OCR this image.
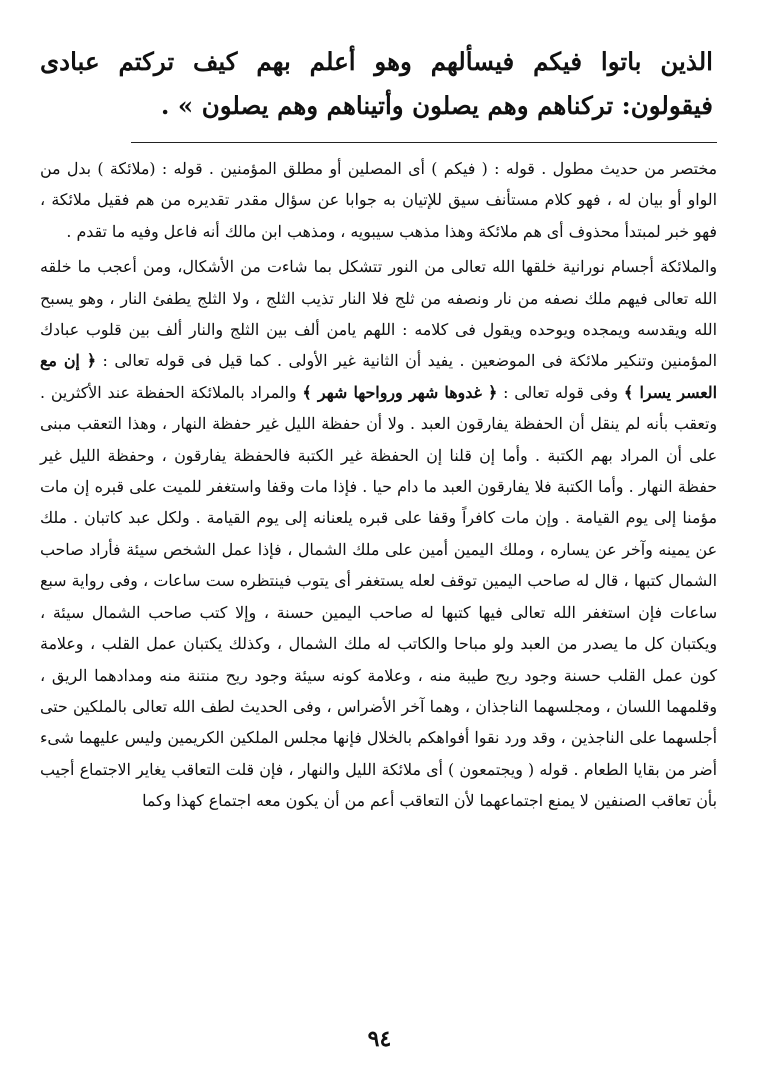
الذين باتوا فيكم فيسألهم وهو أعلم بهم كيف تركتم عبادى فيقولون: تركناهم وهم يصلون وأتيناهم وهم يصلون » .

مختصر من حديث مطول . قوله : ( فيكم ) أى المصلين أو مطلق المؤمنين . قوله : (ملائكة ) بدل من الواو أو بيان له ، فهو كلام مستأنف سيق للإتيان به جوابا عن سؤال مقدر تقديره من هم فقيل ملائكة ، فهو خبر لمبتدأ محذوف أى هم ملائكة وهذا مذهب سيبويه ، ومذهب ابن مالك أنه فاعل وفيه ما تقدم .
والملائكة أجسام نورانية خلقها الله تعالى من النور تتشكل بما شاءت من الأشكال، ومن أعجب ما خلقه الله تعالى فيهم ملك نصفه من نار ونصفه من ثلج فلا النار تذيب الثلج ، ولا الثلج يطفئ النار ، وهو يسبح الله ويقدسه ويمجده ويوحده ويقول فى كلامه : اللهم يامن ألف بين الثلج والنار ألف بين قلوب عبادك المؤمنين وتنكير ملائكة فى الموضعين . يفيد أن الثانية غير الأولى . كما قيل فى قوله تعالى : ﴿ إن مع العسر يسرا ﴾ وفى قوله تعالى : ﴿ غدوها شهر ورواحها شهر ﴾ والمراد بالملائكة الحفظة عند الأكثرين . وتعقب بأنه لم ينقل أن الحفظة يفارقون العبد . ولا أن حفظة الليل غير حفظة النهار ، وهذا التعقب مبنى على أن المراد بهم الكتبة . وأما إن قلنا إن الحفظة غير الكتبة فالحفظة يفارقون ، وحفظة الليل غير حفظة النهار . وأما الكتبة فلا يفارقون العبد ما دام حيا . فإذا مات وقفا واستغفر للميت على قبره إن مات مؤمنا إلى يوم القيامة . وإن مات كافراً وقفا على قبره يلعنانه إلى يوم القيامة . ولكل عبد كاتبان . ملك عن يمينه وآخر عن يساره ، وملك اليمين أمين على ملك الشمال ، فإذا عمل الشخص سيئة فأراد صاحب الشمال كتبها ، قال له صاحب اليمين توقف لعله يستغفر أى يتوب فينتظره ست ساعات ، وفى رواية سبع ساعات فإن استغفر الله تعالى فيها كتبها له صاحب اليمين حسنة ، وإلا كتب صاحب الشمال سيئة ، ويكتبان كل ما يصدر من العبد ولو مباحا والكاتب له ملك الشمال ، وكذلك يكتبان عمل القلب ، وعلامة كون عمل القلب حسنة وجود ريح طيبة منه ، وعلامة كونه سيئة وجود ريح منتنة منه ومدادهما الريق ، وقلمهما اللسان ، ومجلسهما الناجذان ، وهما آخر الأضراس ، وفى الحديث لطف الله تعالى بالملكين حتى أجلسهما على الناجذين ، وقد ورد نقوا أفواهكم بالخلال فإنها مجلس الملكين الكريمين وليس عليهما شىء أضر من بقايا الطعام . قوله ( ويجتمعون ) أى ملائكة الليل والنهار ، فإن قلت التعاقب يغاير الاجتماع أجيب بأن تعاقب الصنفين لا يمنع اجتماعهما لأن التعاقب أعم من أن يكون معه اجتماع كهذا وكما
٩٤
